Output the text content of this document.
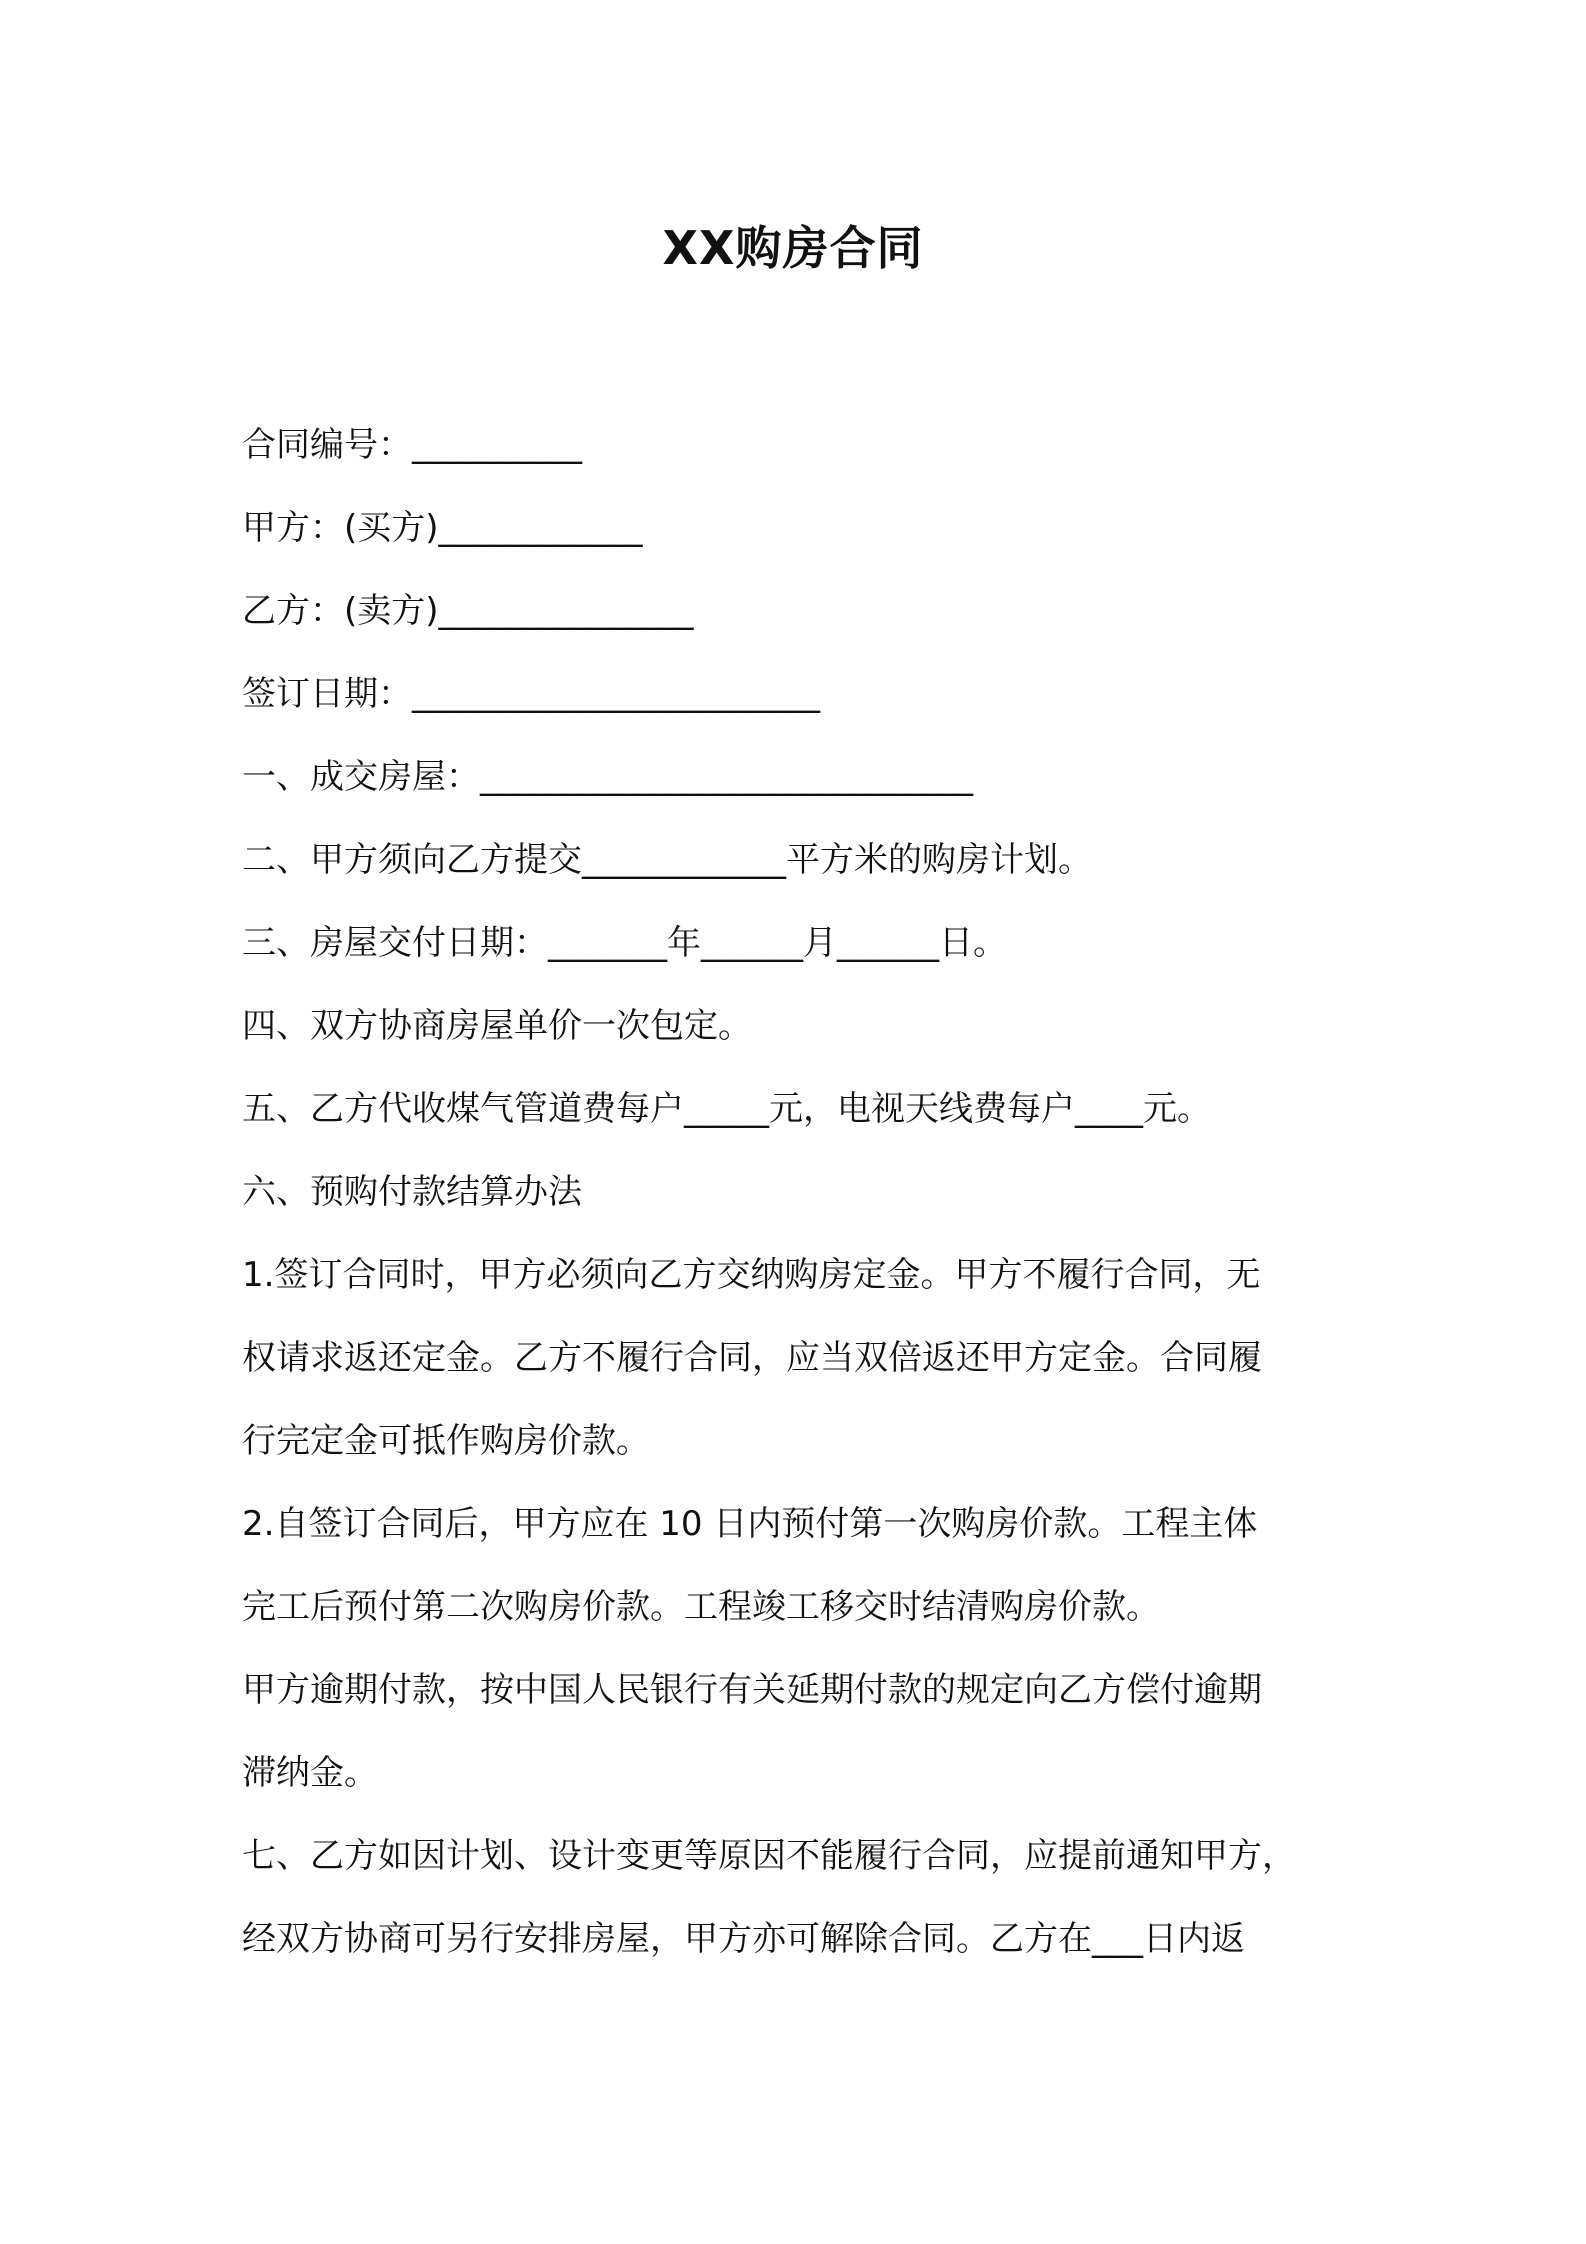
XX购房合同

合同编号：__________

甲方：(买方)____________

乙方：(卖方)_______________

签订日期：________________________

一、成交房屋：_____________________________

二、甲方须向乙方提交____________平方米的购房计划。

三、房屋交付日期：_______年______月______日。

四、双方协商房屋单价一次包定。

五、乙方代收煤气管道费每户_____元，电视天线费每户____元。

六、预购付款结算办法

1.签订合同时，甲方必须向乙方交纳购房定金。甲方不履行合同，无

权请求返还定金。乙方不履行合同，应当双倍返还甲方定金。合同履

行完定金可抵作购房价款。

2.自签订合同后，甲方应在 10 日内预付第一次购房价款。工程主体

完工后预付第二次购房价款。工程竣工移交时结清购房价款。

甲方逾期付款，按中国人民银行有关延期付款的规定向乙方偿付逾期

滞纳金。

七、乙方如因计划、设计变更等原因不能履行合同，应提前通知甲方，

经双方协商可另行安排房屋，甲方亦可解除合同。乙方在___日内返
